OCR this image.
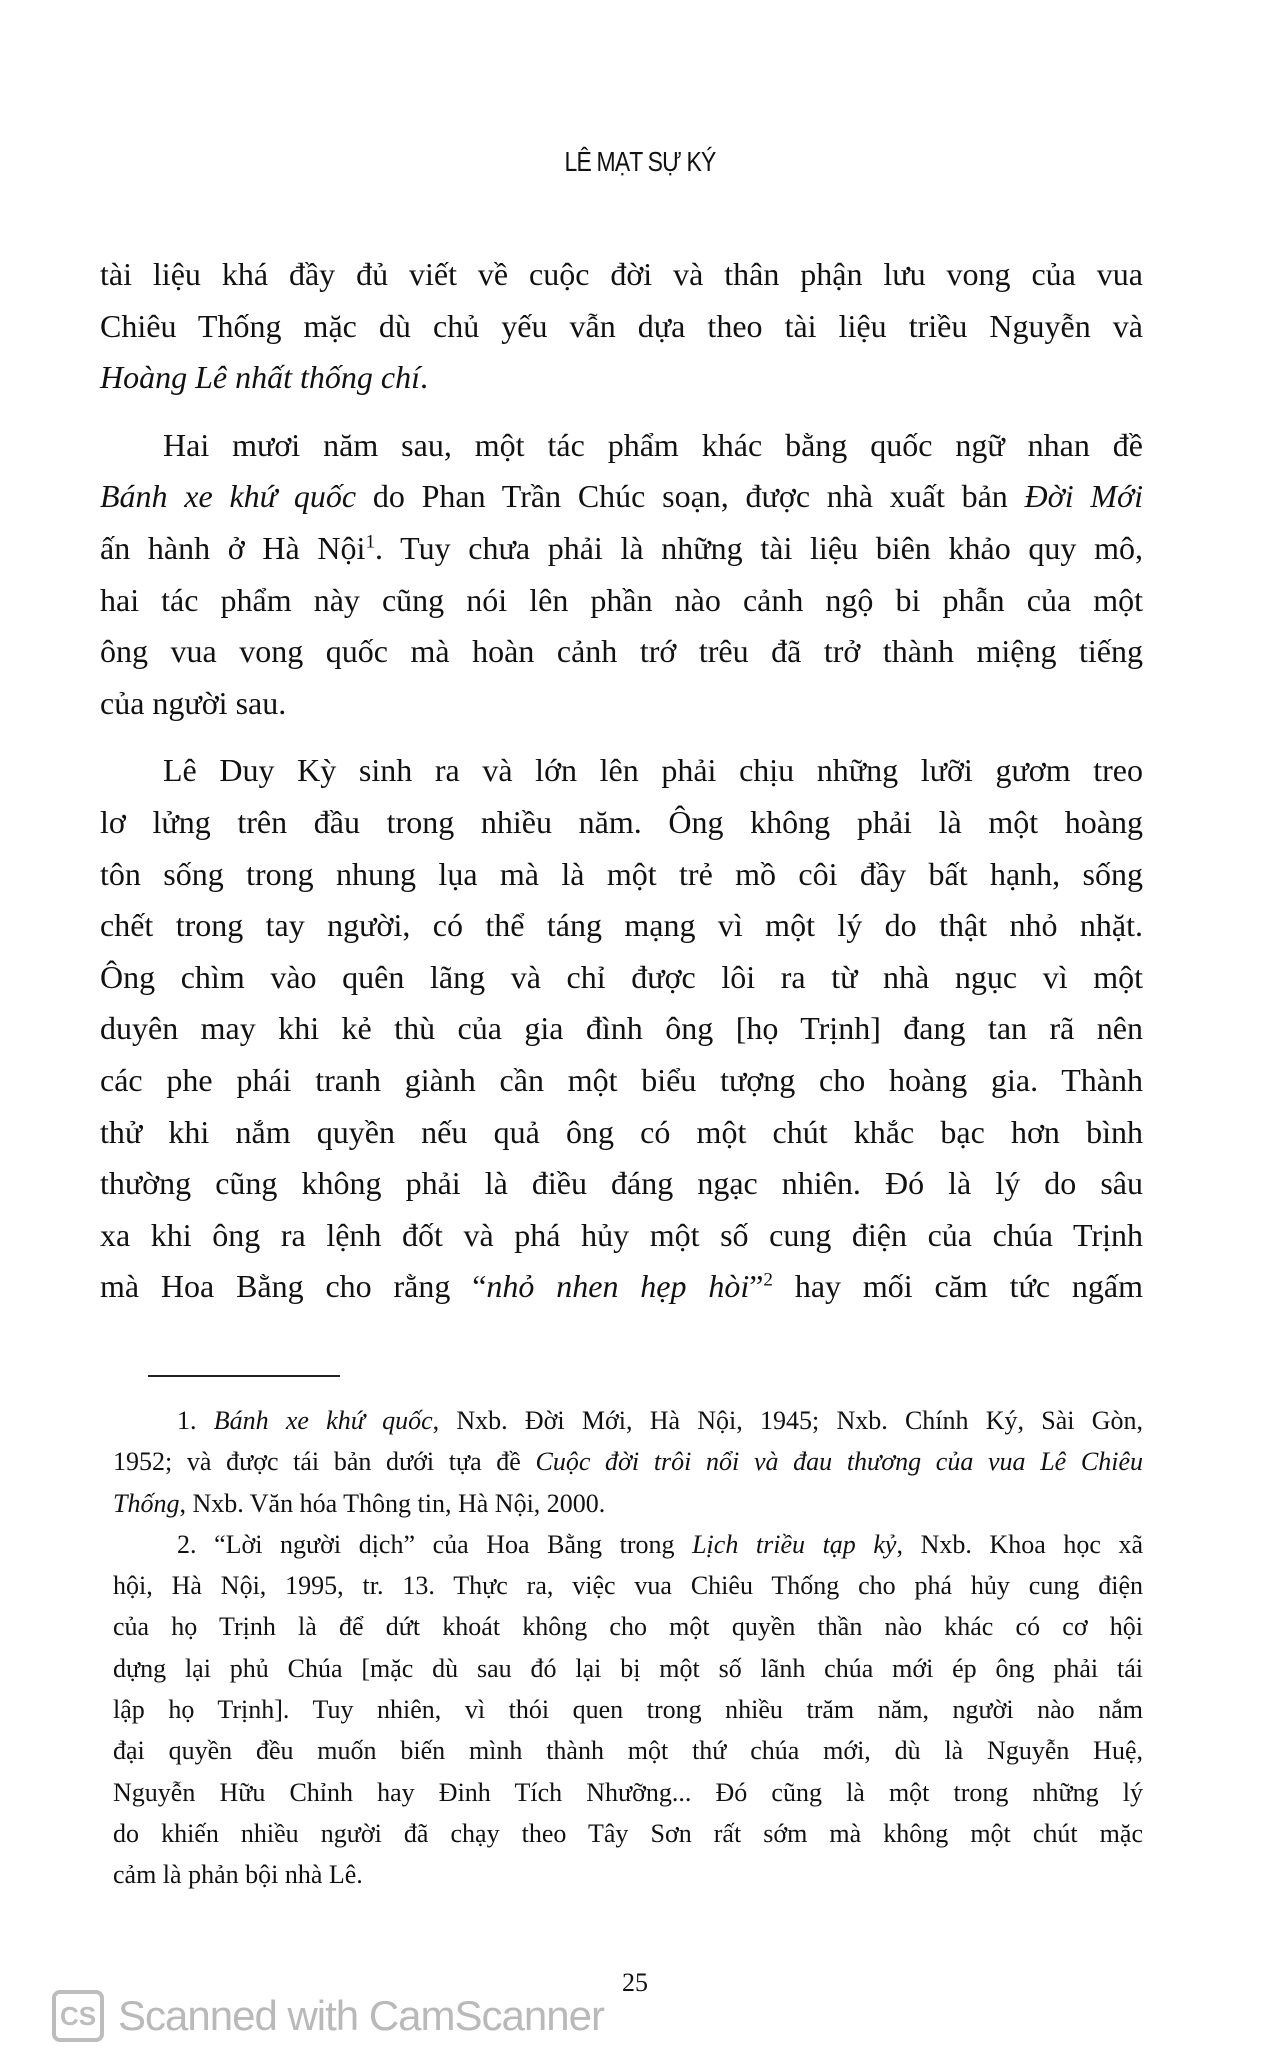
LÊ MẠT SỰ KÝ
tài liệu khá đầy đủ viết về cuộc đời và thân phận lưu vong của vua
Chiêu Thống mặc dù chủ yếu vẫn dựa theo tài liệu triều Nguyễn và
Hoàng Lê nhất thống chí.
Hai mươi năm sau, một tác phẩm khác bằng quốc ngữ nhan đề
Bánh xe khứ quốc do Phan Trần Chúc soạn, được nhà xuất bản Đời Mới
ấn hành ở Hà Nội$^1$. Tuy chưa phải là những tài liệu biên khảo quy mô,
hai tác phẩm này cũng nói lên phần nào cảnh ngộ bi phẫn của một
ông vua vong quốc mà hoàn cảnh trớ trêu đã trở thành miệng tiếng
của người sau.
Lê Duy Kỳ sinh ra và lớn lên phải chịu những lưỡi gươm treo
lơ lửng trên đầu trong nhiều năm. Ông không phải là một hoàng
tôn sống trong nhung lụa mà là một trẻ mồ côi đầy bất hạnh, sống
chết trong tay người, có thể táng mạng vì một lý do thật nhỏ nhặt.
Ông chìm vào quên lãng và chỉ được lôi ra từ nhà ngục vì một
duyên may khi kẻ thù của gia đình ông [họ Trịnh] đang tan rã nên
các phe phái tranh giành cần một biểu tượng cho hoàng gia. Thành
thử khi nắm quyền nếu quả ông có một chút khắc bạc hơn bình
thường cũng không phải là điều đáng ngạc nhiên. Đó là lý do sâu
xa khi ông ra lệnh đốt và phá hủy một số cung điện của chúa Trịnh
mà Hoa Bằng cho rằng “nhỏ nhen hẹp hòi”$^2$ hay mối căm tức ngấm
1. Bánh xe khứ quốc, Nxb. Đời Mới, Hà Nội, 1945; Nxb. Chính Ký, Sài Gòn,
1952; và được tái bản dưới tựa đề Cuộc đời trôi nổi và đau thương của vua Lê Chiêu
Thống, Nxb. Văn hóa Thông tin, Hà Nội, 2000.
2. “Lời người dịch” của Hoa Bằng trong Lịch triều tạp kỷ, Nxb. Khoa học xã
hội, Hà Nội, 1995, tr. 13. Thực ra, việc vua Chiêu Thống cho phá hủy cung điện
của họ Trịnh là để dứt khoát không cho một quyền thần nào khác có cơ hội
dựng lại phủ Chúa [mặc dù sau đó lại bị một số lãnh chúa mới ép ông phải tái
lập họ Trịnh]. Tuy nhiên, vì thói quen trong nhiều trăm năm, người nào nắm
đại quyền đều muốn biến mình thành một thứ chúa mới, dù là Nguyễn Huệ,
Nguyễn Hữu Chỉnh hay Đinh Tích Nhưỡng... Đó cũng là một trong những lý
do khiến nhiều người đã chạy theo Tây Sơn rất sớm mà không một chút mặc
cảm là phản bội nhà Lê.
25
CS Scanned with CamScanner
